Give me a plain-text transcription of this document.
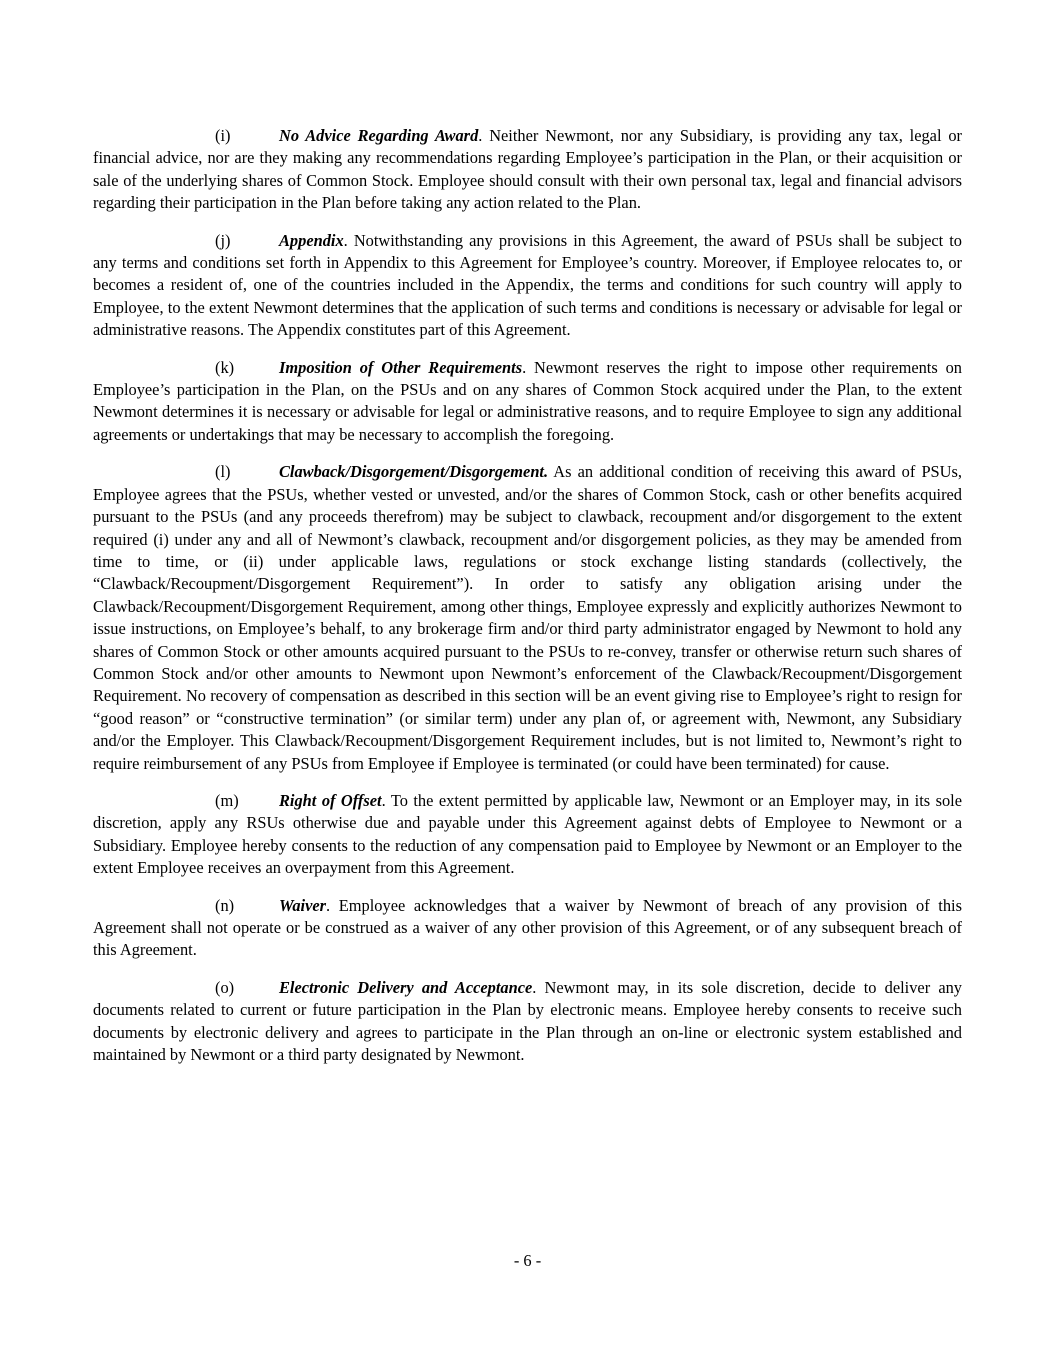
(i)	No Advice Regarding Award. Neither Newmont, nor any Subsidiary, is providing any tax, legal or financial advice, nor are they making any recommendations regarding Employee’s participation in the Plan, or their acquisition or sale of the underlying shares of Common Stock. Employee should consult with their own personal tax, legal and financial advisors regarding their participation in the Plan before taking any action related to the Plan.

(j)	Appendix. Notwithstanding any provisions in this Agreement, the award of PSUs shall be subject to any terms and conditions set forth in Appendix to this Agreement for Employee’s country. Moreover, if Employee relocates to, or becomes a resident of, one of the countries included in the Appendix, the terms and conditions for such country will apply to Employee, to the extent Newmont determines that the application of such terms and conditions is necessary or advisable for legal or administrative reasons. The Appendix constitutes part of this Agreement.

(k)	Imposition of Other Requirements. Newmont reserves the right to impose other requirements on Employee’s participation in the Plan, on the PSUs and on any shares of Common Stock acquired under the Plan, to the extent Newmont determines it is necessary or advisable for legal or administrative reasons, and to require Employee to sign any additional agreements or undertakings that may be necessary to accomplish the foregoing.

(l)	Clawback/Disgorgement/Disgorgement. As an additional condition of receiving this award of PSUs, Employee agrees that the PSUs, whether vested or unvested, and/or the shares of Common Stock, cash or other benefits acquired pursuant to the PSUs (and any proceeds therefrom) may be subject to clawback, recoupment and/or disgorgement to the extent required (i) under any and all of Newmont’s clawback, recoupment and/or disgorgement policies, as they may be amended from time to time, or (ii) under applicable laws, regulations or stock exchange listing standards (collectively, the “Clawback/Recoupment/Disgorgement Requirement”). In order to satisfy any obligation arising under the Clawback/Recoupment/Disgorgement Requirement, among other things, Employee expressly and explicitly authorizes Newmont to issue instructions, on Employee’s behalf, to any brokerage firm and/or third party administrator engaged by Newmont to hold any shares of Common Stock or other amounts acquired pursuant to the PSUs to re-convey, transfer or otherwise return such shares of Common Stock and/or other amounts to Newmont upon Newmont’s enforcement of the Clawback/Recoupment/Disgorgement Requirement. No recovery of compensation as described in this section will be an event giving rise to Employee’s right to resign for “good reason” or “constructive termination” (or similar term) under any plan of, or agreement with, Newmont, any Subsidiary and/or the Employer. This Clawback/Recoupment/Disgorgement Requirement includes, but is not limited to, Newmont’s right to require reimbursement of any PSUs from Employee if Employee is terminated (or could have been terminated) for cause.

(m) Right of Offset. To the extent permitted by applicable law, Newmont or an Employer may, in its sole discretion, apply any RSUs otherwise due and payable under this Agreement against debts of Employee to Newmont or a Subsidiary. Employee hereby consents to the reduction of any compensation paid to Employee by Newmont or an Employer to the extent Employee receives an overpayment from this Agreement.

(n)	Waiver. Employee acknowledges that a waiver by Newmont of breach of any provision of this Agreement shall not operate or be construed as a waiver of any other provision of this Agreement, or of any subsequent breach of this Agreement.

(o)	Electronic Delivery and Acceptance. Newmont may, in its sole discretion, decide to deliver any documents related to current or future participation in the Plan by electronic means. Employee hereby consents to receive such documents by electronic delivery and agrees to participate in the Plan through an on-line or electronic system established and maintained by Newmont or a third party designated by Newmont.

- 6 -
